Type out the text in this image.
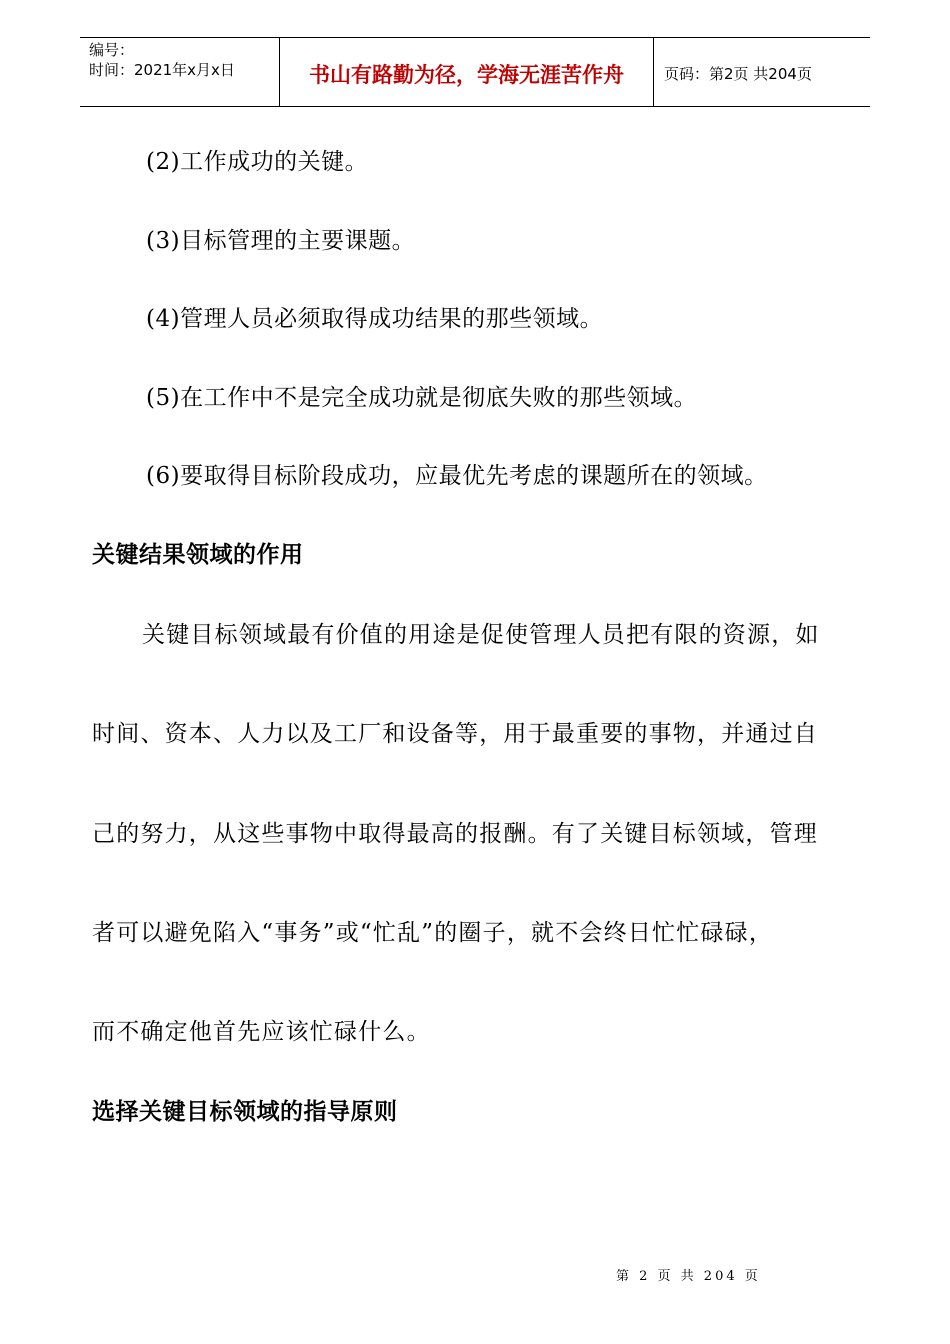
编号：
时间：2021年x月x日	书山有路勤为径，学海无涯苦作舟	页码：第2页 共204页
(2)工作成功的关键。
(3)目标管理的主要课题。
(4)管理人员必须取得成功结果的那些领域。
(5)在工作中不是完全成功就是彻底失败的那些领域。
(6)要取得目标阶段成功，应最优先考虑的课题所在的领域。
关键结果领域的作用
关键目标领域最有价值的用途是促使管理人员把有限的资源，如
时间、资本、人力以及工厂和设备等，用于最重要的事物，并通过自
己的努力，从这些事物中取得最高的报酬。有了关键目标领域，管理
者可以避免陷入“事务”或“忙乱”的圈子，就不会终日忙忙碌碌，
而不确定他首先应该忙碌什么。
选择关键目标领域的指导原则
第 2 页 共 204 页
